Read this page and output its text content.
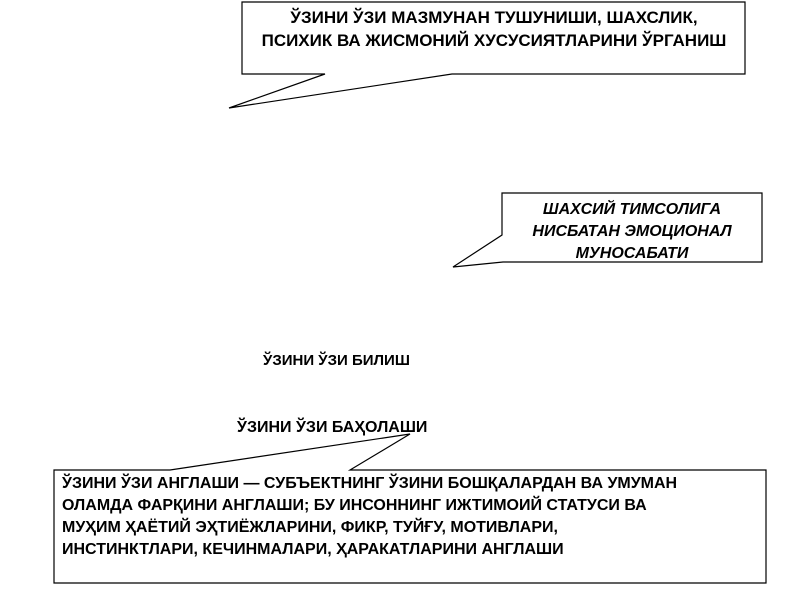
ЎЗИНИ ЎЗИ МАЗМУНАН ТУШУНИШИ, ШАХСЛИК,
ПСИХИК ВА ЖИСМОНИЙ ХУСУСИЯТЛАРИНИ ЎРГАНИШ
ШАХСИЙ ТИМСОЛИГА
НИСБАТАН ЭМОЦИОНАЛ
МУНОСАБАТИ
ЎЗИНИ ЎЗИ БИЛИШ
ЎЗИНИ ЎЗИ БАҲОЛАШИ
ЎЗИНИ ЎЗИ АНГЛАШИ — СУБЪЕКТНИНГ ЎЗИНИ БОШҚАЛАРДАН ВА УМУМАН
ОЛАМДА ФАРҚИНИ АНГЛАШИ; БУ ИНСОННИНГ ИЖТИМОИЙ СТАТУСИ ВА
МУҲИМ ҲАЁТИЙ ЭҲТИЁЖЛАРИНИ, ФИКР, ТУЙҒУ, МОТИВЛАРИ,
ИНСТИНКТЛАРИ, КЕЧИНМАЛАРИ, ҲАРАКАТЛАРИНИ АНГЛАШИ
